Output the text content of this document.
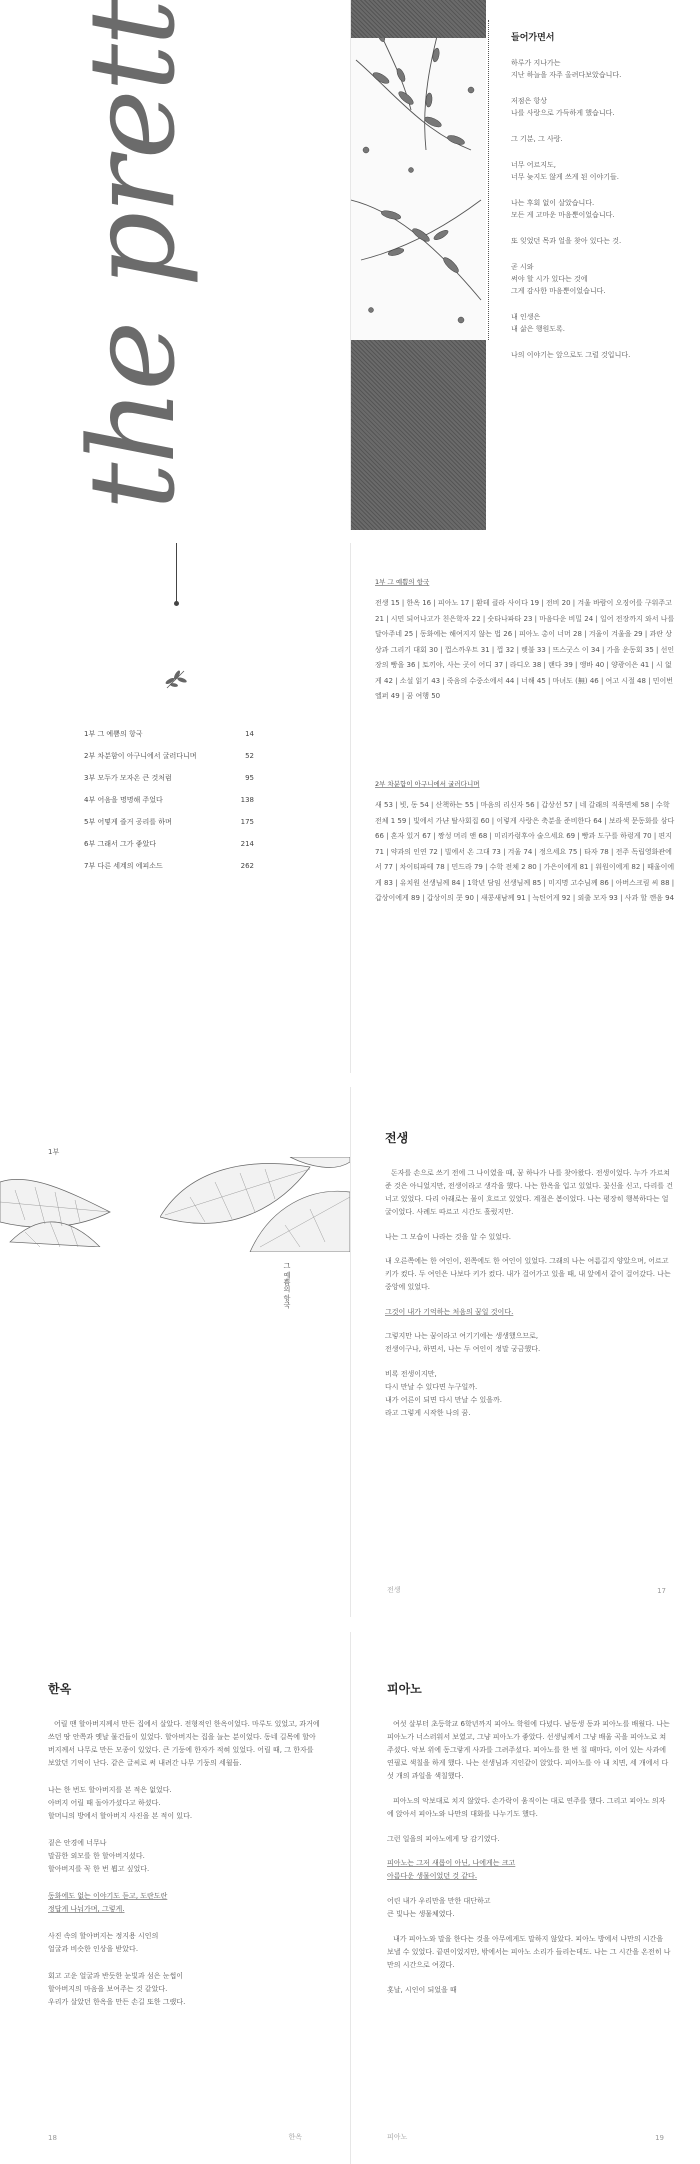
the prett	들어가면서

하루가 지나가는
지난 하늘을 자주 올려다보았습니다.

저점은 항상
나를 사랑으로 가득하게 했습니다.

그 기분, 그 사랑.

너무 어르지도,
너무 늦지도 않게 쓰게 된 이야기들.

나는 후회 없이 살았습니다.
모든 게 고마운 마음뿐이었습니다.

또 잊었던 목과 얼을 찾아 있다는 것.

곧 시와
써야 할 시가 있다는 것에
그게 감사한 마음뿐이었습니다.

내 인생은
내 삶은 행원도록.

나의 이야기는 앞으로도 그럴 것입니다.

1부 그 예쁨의 항국	14
2부 차분함이 아구니에서 굴러다니며	52
3부 모두가 모자온 큰 것처럼	95
4부 어음을 명명해 주었다	138
5부 어떻게 즐거 공리를 하며	175
6부 그래서 그가 좋았다	214
7부 다른 세계의 에피소드	262
1부 그 예쁨의 항국

전생 15 | 한옥 16 | 피아노 17 | 환테 클라 사이다 19 | 전비 20 | 겨울 바람이 오징어를 구워주고 21 | 시민 되어나고가 친은학자 22 | 숫타나파타 23 | 마음다운 비밀 24 | 일어 전장까지 와서 나를 달아주네 25 | 동화에는 해여지지 않는 법 26 | 피아노 총이 너머 28 | 겨울이 겨울을 29 | 과란 상상과 그리기 대회 30 | 껍스까우트 31 | 껍 32 | 렛불 33 | 뜨스굿스 이 34 | 가을 운동회 35 | 선인장의 빵을 36 | 토끼야, 사는 곳이 어디 37 | 라디오 38 | 랜다 39 | 앵바 40 | 양광이은 41 | 시 없게 42 | 소설 읽기 43 | 죽음의 수중소에서 44 | 너해 45 | 마녀도 (無) 46 | 여고 시절 48 | 민이번 엘퍼 49 | 꿈 여행 50

2부 차분함이 아구니에서 굴러다니며

새 53 | 빗, 동 54 | 산책하는 55 | 마음의 리신자 56 | 갑상선 57 | 네 갈래의 직육면체 58 | 수학 전체 1 59 | 빛에서 가냔 탈사회집 60 | 이렇게 사랑은 축분을 준비한다 64 | 보라색 문동화를 삼다 66 | 혼자 있거 67 | 짱성 머리 앤 68 | 미리카렁후아 술으세요 69 | 빵과 도구를 하렁게 70 | 편지 71 | 약과의 인연 72 | 빌에서 온 그대 73 | 겨울 74 | 정으세요 75 | 타자 78 | 전주 독립영화관에서 77 | 차이티파테 78 | 민드라 79 | 수학 전체 2 80 | 가은이에게 81 | 워원이에게 82 | 때울이에게 83 | 유치원 선생님께 84 | 1학년 담임 선생님께 85 | 미지명 고수님께 86 | 아버스크림 씨 88 | 갑상이에게 89 | 갑상이의 콧 90 | 새콩새남께 91 | 늑틴어게 92 | 외출 모자 93 | 사과 할 깬음 94

1부
그 예쁨의 항국
전생

돈자를 손으로 쓰기 전에 그 나이였을 때, 꿈 하나가 나를 찾아왔다. 전생이었다. 누가 가르쳐준 것은 아니었지만, 전생이라고 생각을 했다. 나는 한옥을 입고 있었다. 꽃신을 신고, 다리를 건너고 있었다. 다리 아래로는 물이 흐르고 있었다. 계절은 봄이었다. 나는 평장히 행복하다는 얼굴이었다. 사례도 따르고 시간도 흘렀지만.

나는 그 모습이 나라는 것을 알 수 있었다.

내 오른쪽에는 한 여인이, 왼쪽에도 한 여인이 있었다. 그래의 나는 여름길지 양았으며, 어르고 키가 컸다. 두 여인은 나보다 키가 컸다. 내가 걸어가고 있을 때, 내 앞에서 같이 걸어갔다. 나는 중앙에 있었다.

그것이 내가 기억하는 처음의 꿈일 것이다.

그렇지만 나는 꿈이라고 여기기에는 생생했으므로,
전생이구나, 하면서, 나는 두 여인이 정말 궁금했다.

비록 전생이지만,
다시 만날 수 있다면 누구일까.
내가 어른이 되면 다시 만날 수 있을까.
라고 그렇게 시작한 나의 꿈.

전생	17
한옥

어릴 땐 할아버지께서 만든 집에서 살았다. 전형적인 한옥이었다. 마루도 있었고, 과거에 쓰던 땅 안쪽과 옛날 물건들이 있었다. 할아버지는 집을 늘는 분이었다. 동네 길목에 할아버지께서 나무로 만든 모종이 있었다. 큰 기둥에 한자가 적혀 있었다. 어릴 때, 그 한자를 보았던 기억이 난다. 같은 글씨로 써 내려간 나무 기둥의 세월들.

나는 한 번도 할아버지를 본 적은 없었다.
아버지 어릴 때 돌아가셨다고 하셨다.
할머니의 방에서 할아버지 사진을 본 적이 있다.

짙은 안경에 너무나
말끔한 외모를 한 할아버지셨다.
할아버지를 꼭 한 번 뵙고 싶었다.

동화에도 없는 이야기도 듣고, 도란도란
정답게 나눠가며, 그렇게.

사진 속의 할아버지는 정지용 시인의
얼굴과 비슷한 인상을 받았다.

회고 고운 얼굴과 반듯한 눈빛과 섬은 눈썹이
할아버지의 마음을 보여주는 것 같았다.
우리가 살았던 한옥을 만든 손길 또한 그랬다.

18	한옥
피아노

여섯 살부터 초등학교 6학년까지 피아노 학원에 다녔다. 남동생 동과 피아노를 배웠다. 나는 피아노가 너스러워서 보였고, 그냥 피아노가 좋았다. 선생님께서 그냥 배울 곡을 피아노로 쳐 주셨다. 악보 위에 동그랗게 사과를 그려주셨다. 피아노를 한 번 칠 때마다, 이어 있는 사과에 연필로 색칠을 하게 했다. 나는 선생님과 지인같이 앉았다. 피아노를 아 내 치면, 세 개에서 다섯 개의 과일을 색칠했다.

피아노의 악보대로 치지 않았다. 손가락이 움직이는 대로 연주를 했다. 그리고 피아노 의자에 앉아서 피아노와 나만의 대화를 나누기도 했다.

그런 일을의 피아노에게 당 감기였다.

피아노는 그저 새롭이 아닌, 나에게는 크고
아름다운 생물이었던 것 같다.

어린 내가 우리만을 만한 대단하고
큰 빛나는 생물체였다.

내가 피아노와 말을 한다는 것을 아무에게도 말하지 않았다. 피아노 방에서 나만의 시간을 보낼 수 있었다. 끝편이었지만, 밖에서는 피아노 소리가 들리는데도. 나는 그 시간을 온전히 나만의 시간으로 여겼다.

홋날, 시인이 되었을 때

피아노	19
